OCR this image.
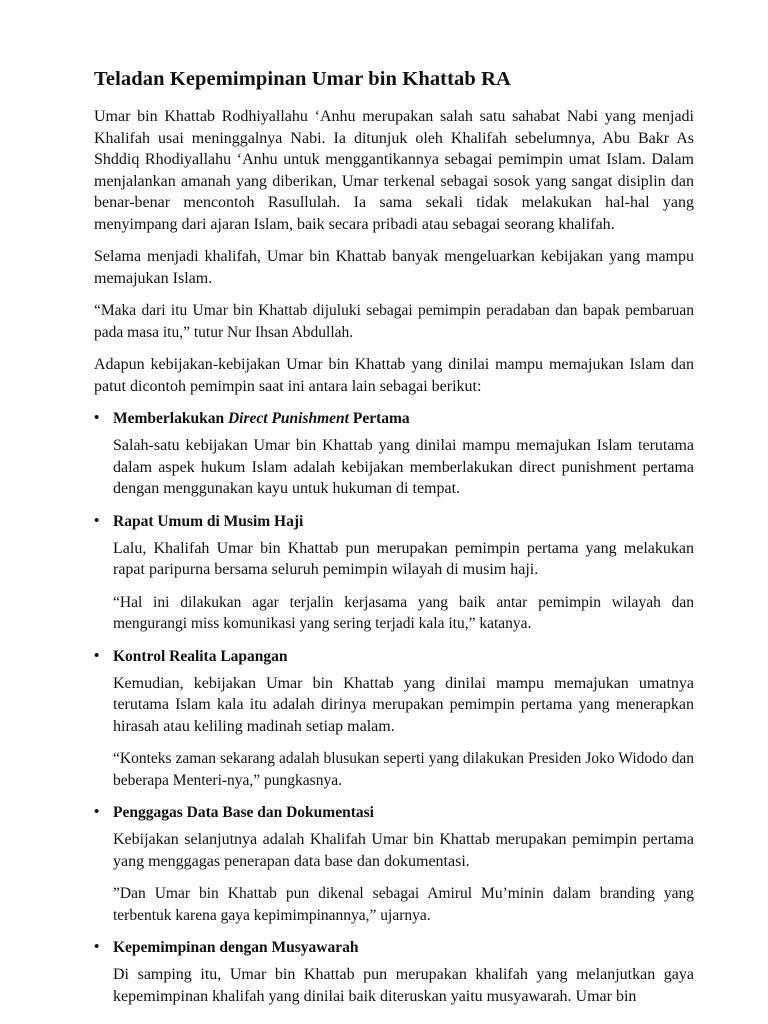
Teladan Kepemimpinan Umar bin Khattab RA

Umar bin Khattab Rodhiyallahu ‘Anhu merupakan salah satu sahabat Nabi yang menjadi Khalifah usai meninggalnya Nabi. Ia ditunjuk oleh Khalifah sebelumnya, Abu Bakr As Shddiq Rhodiyallahu ‘Anhu untuk menggantikannya sebagai pemimpin umat Islam. Dalam menjalankan amanah yang diberikan, Umar terkenal sebagai sosok yang sangat disiplin dan benar-benar mencontoh Rasullulah. Ia sama sekali tidak melakukan hal-hal yang menyimpang dari ajaran Islam, baik secara pribadi atau sebagai seorang khalifah.

Selama menjadi khalifah, Umar bin Khattab banyak mengeluarkan kebijakan yang mampu memajukan Islam.

“Maka dari itu Umar bin Khattab dijuluki sebagai pemimpin peradaban dan bapak pembaruan pada masa itu,” tutur Nur Ihsan Abdullah.

Adapun kebijakan-kebijakan Umar bin Khattab yang dinilai mampu memajukan Islam dan patut dicontoh pemimpin saat ini antara lain sebagai berikut:

• Memberlakukan Direct Punishment Pertama

Salah-satu kebijakan Umar bin Khattab yang dinilai mampu memajukan Islam terutama dalam aspek hukum Islam adalah kebijakan memberlakukan direct punishment pertama dengan menggunakan kayu untuk hukuman di tempat.

• Rapat Umum di Musim Haji

Lalu, Khalifah Umar bin Khattab pun merupakan pemimpin pertama yang melakukan rapat paripurna bersama seluruh pemimpin wilayah di musim haji.

“Hal ini dilakukan agar terjalin kerjasama yang baik antar pemimpin wilayah dan mengurangi miss komunikasi yang sering terjadi kala itu,” katanya.

• Kontrol Realita Lapangan

Kemudian, kebijakan Umar bin Khattab yang dinilai mampu memajukan umatnya terutama Islam kala itu adalah dirinya merupakan pemimpin pertama yang menerapkan hirasah atau keliling madinah setiap malam.

“Konteks zaman sekarang adalah blusukan seperti yang dilakukan Presiden Joko Widodo dan beberapa Menteri-nya,” pungkasnya.

• Penggagas Data Base dan Dokumentasi

Kebijakan selanjutnya adalah Khalifah Umar bin Khattab merupakan pemimpin pertama yang menggagas penerapan data base dan dokumentasi.

”Dan Umar bin Khattab pun dikenal sebagai Amirul Mu’minin dalam branding yang terbentuk karena gaya kepimimpinannya,” ujarnya.

• Kepemimpinan dengan Musyawarah

Di samping itu, Umar bin Khattab pun merupakan khalifah yang melanjutkan gaya kepemimpinan khalifah yang dinilai baik diteruskan yaitu musyawarah. Umar bin
